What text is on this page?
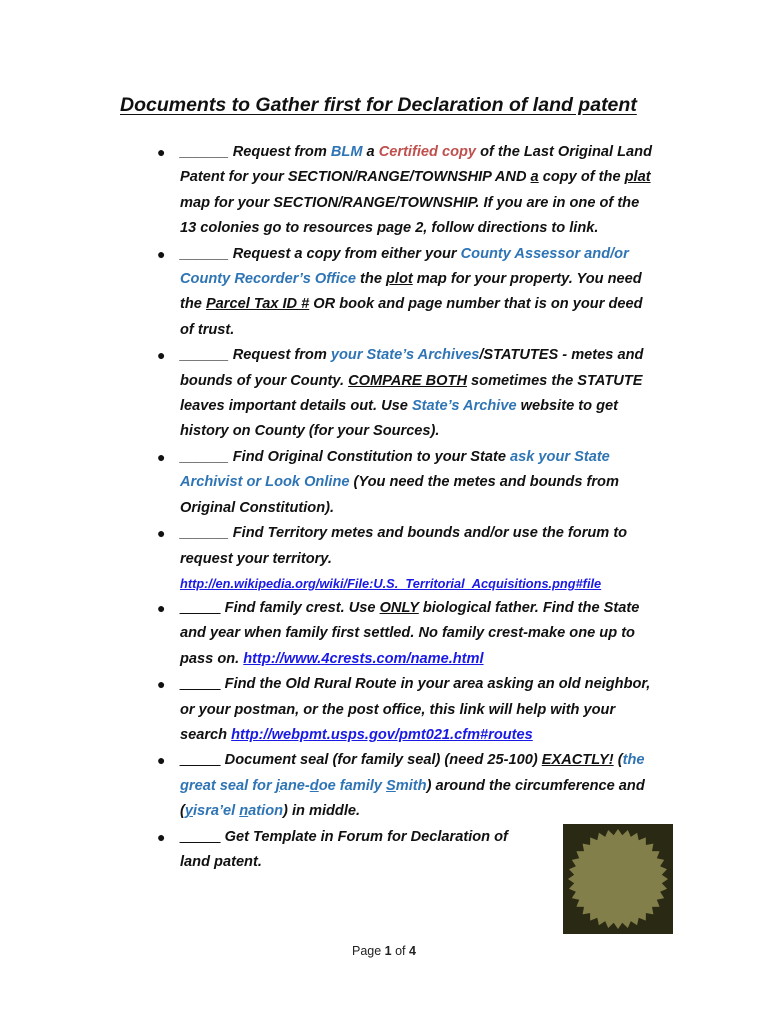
Documents to Gather first for Declaration of land patent
● ______ Request from BLM a Certified copy of the Last Original Land
Patent for your SECTION/RANGE/TOWNSHIP AND a copy of the plat
map for your SECTION/RANGE/TOWNSHIP. If you are in one of the
13 colonies go to resources page 2, follow directions to link.
● ______ Request a copy from either your County Assessor and/or
County Recorder’s Office the plot map for your property. You need
the Parcel Tax ID # OR book and page number that is on your deed
of trust.
● ______ Request from your State’s Archives/STATUTES - metes and
bounds of your County. COMPARE BOTH sometimes the STATUTE
leaves important details out. Use State’s Archive website to get
history on County (for your Sources).
● ______ Find Original Constitution to your State ask your State
Archivist or Look Online (You need the metes and bounds from
Original Constitution).
● ______ Find Territory metes and bounds and/or use the forum to
request your territory.
http://en.wikipedia.org/wiki/File:U.S._Territorial_Acquisitions.png#file
● _____ Find family crest. Use ONLY biological father. Find the State
and year when family first settled. No family crest-make one up to
pass on. http://www.4crests.com/name.html
● _____ Find the Old Rural Route in your area asking an old neighbor,
or your postman, or the post office, this link will help with your
search http://webpmt.usps.gov/pmt021.cfm#routes
● _____ Document seal (for family seal) (need 25-100) EXACTLY! (the
great seal for jane-doe family Smith) around the circumference and
(yisra’el nation) in middle.
● _____ Get Template in Forum for Declaration of
land patent.
Page 1 of 4
